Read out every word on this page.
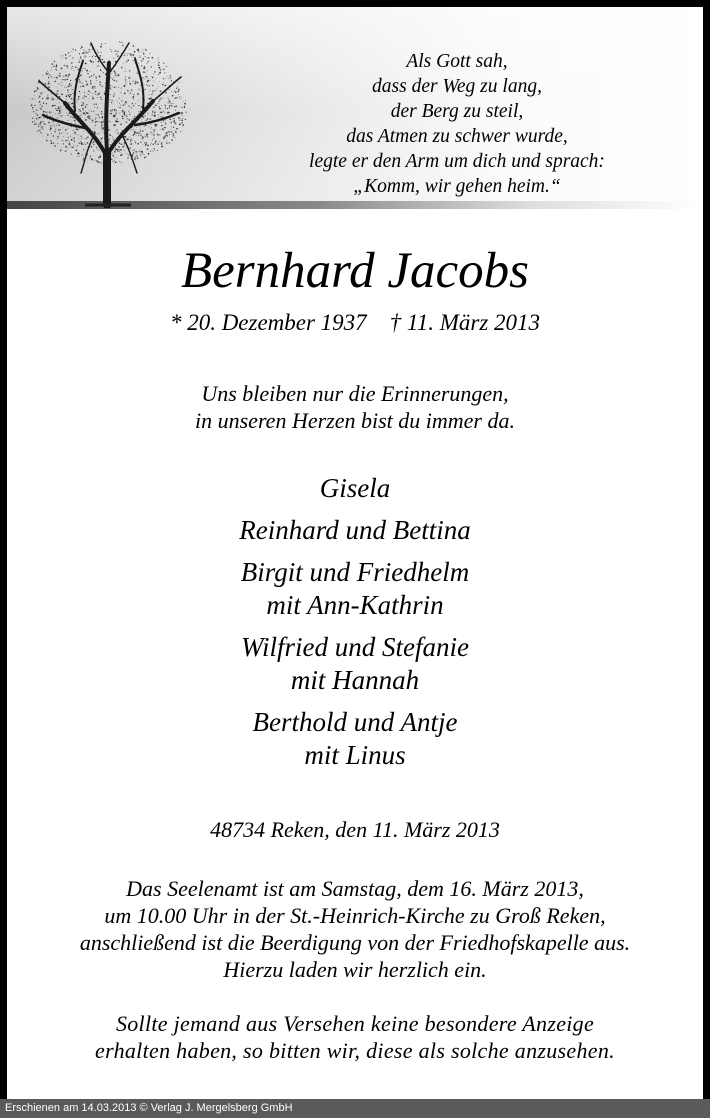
Als Gott sah,
dass der Weg zu lang,
der Berg zu steil,
das Atmen zu schwer wurde,
legte er den Arm um dich und sprach:
„Komm, wir gehen heim.“
Bernhard Jacobs
* 20. Dezember 1937    † 11. März 2013
Uns bleiben nur die Erinnerungen,
in unseren Herzen bist du immer da.
Gisela
Reinhard und Bettina
Birgit und Friedhelm
mit Ann-Kathrin
Wilfried und Stefanie
mit Hannah
Berthold und Antje
mit Linus
48734 Reken, den 11. März 2013
Das Seelenamt ist am Samstag, dem 16. März 2013,
um 10.00 Uhr in der St.-Heinrich-Kirche zu Groß Reken,
anschließend ist die Beerdigung von der Friedhofskapelle aus.
Hierzu laden wir herzlich ein.
Sollte jemand aus Versehen keine besondere Anzeige
erhalten haben, so bitten wir, diese als solche anzusehen.
Erschienen am 14.03.2013 © Verlag J. Mergelsberg GmbH
